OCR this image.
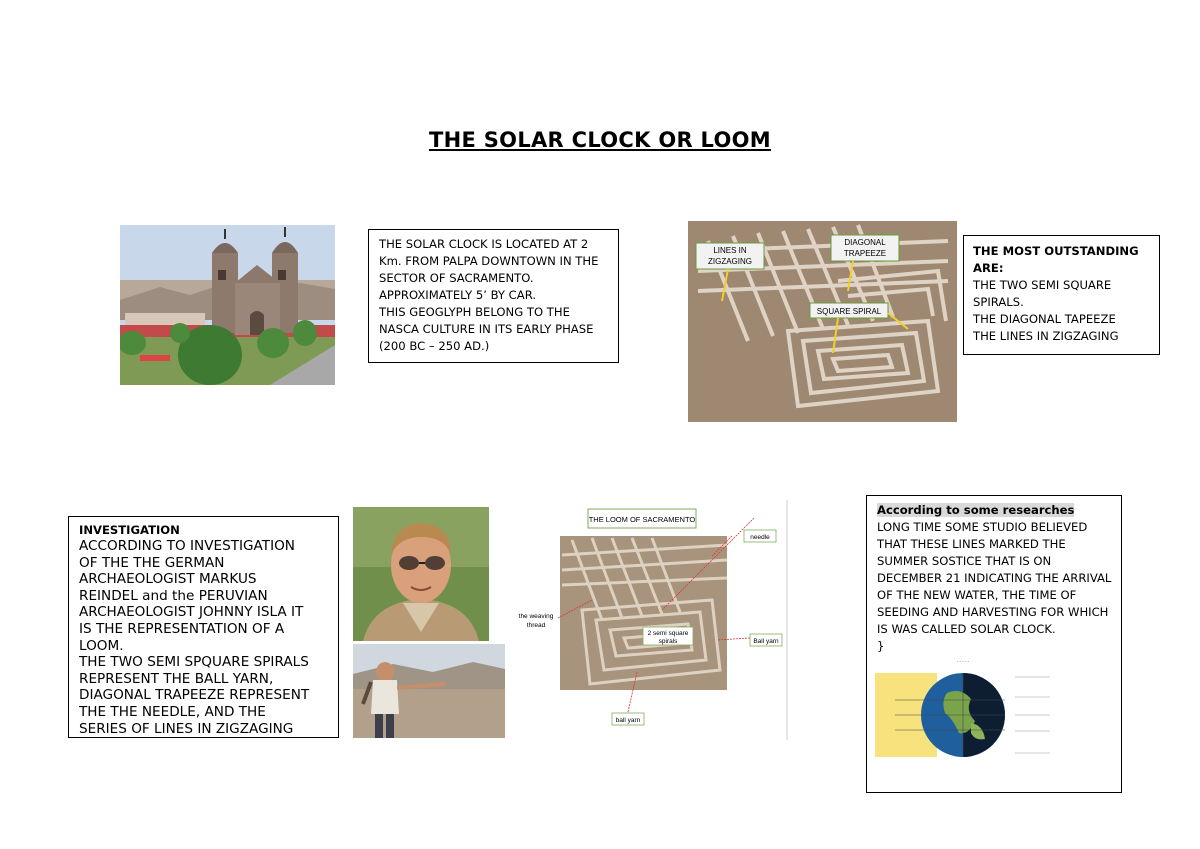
THE SOLAR CLOCK OR LOOM
THE SOLAR CLOCK IS LOCATED AT 2
Km. FROM PALPA DOWNTOWN IN THE
SECTOR OF SACRAMENTO.
APPROXIMATELY 5’ BY CAR.
THIS GEOGLYPH BELONG TO THE
NASCA CULTURE IN ITS EARLY PHASE
(200 BC – 250 AD.)
LINES IN
ZIGZAGING
DIAGONAL
TRAPEEZE
SQUARE SPIRAL
THE MOST OUTSTANDING
ARE:
THE TWO SEMI SQUARE
SPIRALS.
THE DIAGONAL TAPEEZE
THE LINES IN ZIGZAGING
INVESTIGATION
ACCORDING TO INVESTIGATION
OF THE THE GERMAN
ARCHAEOLOGIST MARKUS
REINDEL and the PERUVIAN
ARCHAEOLOGIST JOHNNY ISLA IT
IS THE REPRESENTATION OF A
LOOM.
THE TWO SEMI SPQUARE SPIRALS
REPRESENT THE BALL YARN,
DIAGONAL TRAPEEZE REPRESENT
THE THE NEEDLE, AND THE
SERIES OF LINES IN ZIGZAGING
THE LOOM OF SACRAMENTO
2 semi square
spirals
needle
the weaving
thread
Ball yarn
ball yarn
According to some researches
LONG TIME SOME STUDIO BELIEVED
THAT THESE LINES MARKED THE
SUMMER SOSTICE THAT IS ON
DECEMBER 21 INDICATING THE ARRIVAL
OF THE NEW WATER, THE TIME OF
SEEDING AND HARVESTING FOR WHICH
IS WAS CALLED SOLAR CLOCK.
}
- - - - -
